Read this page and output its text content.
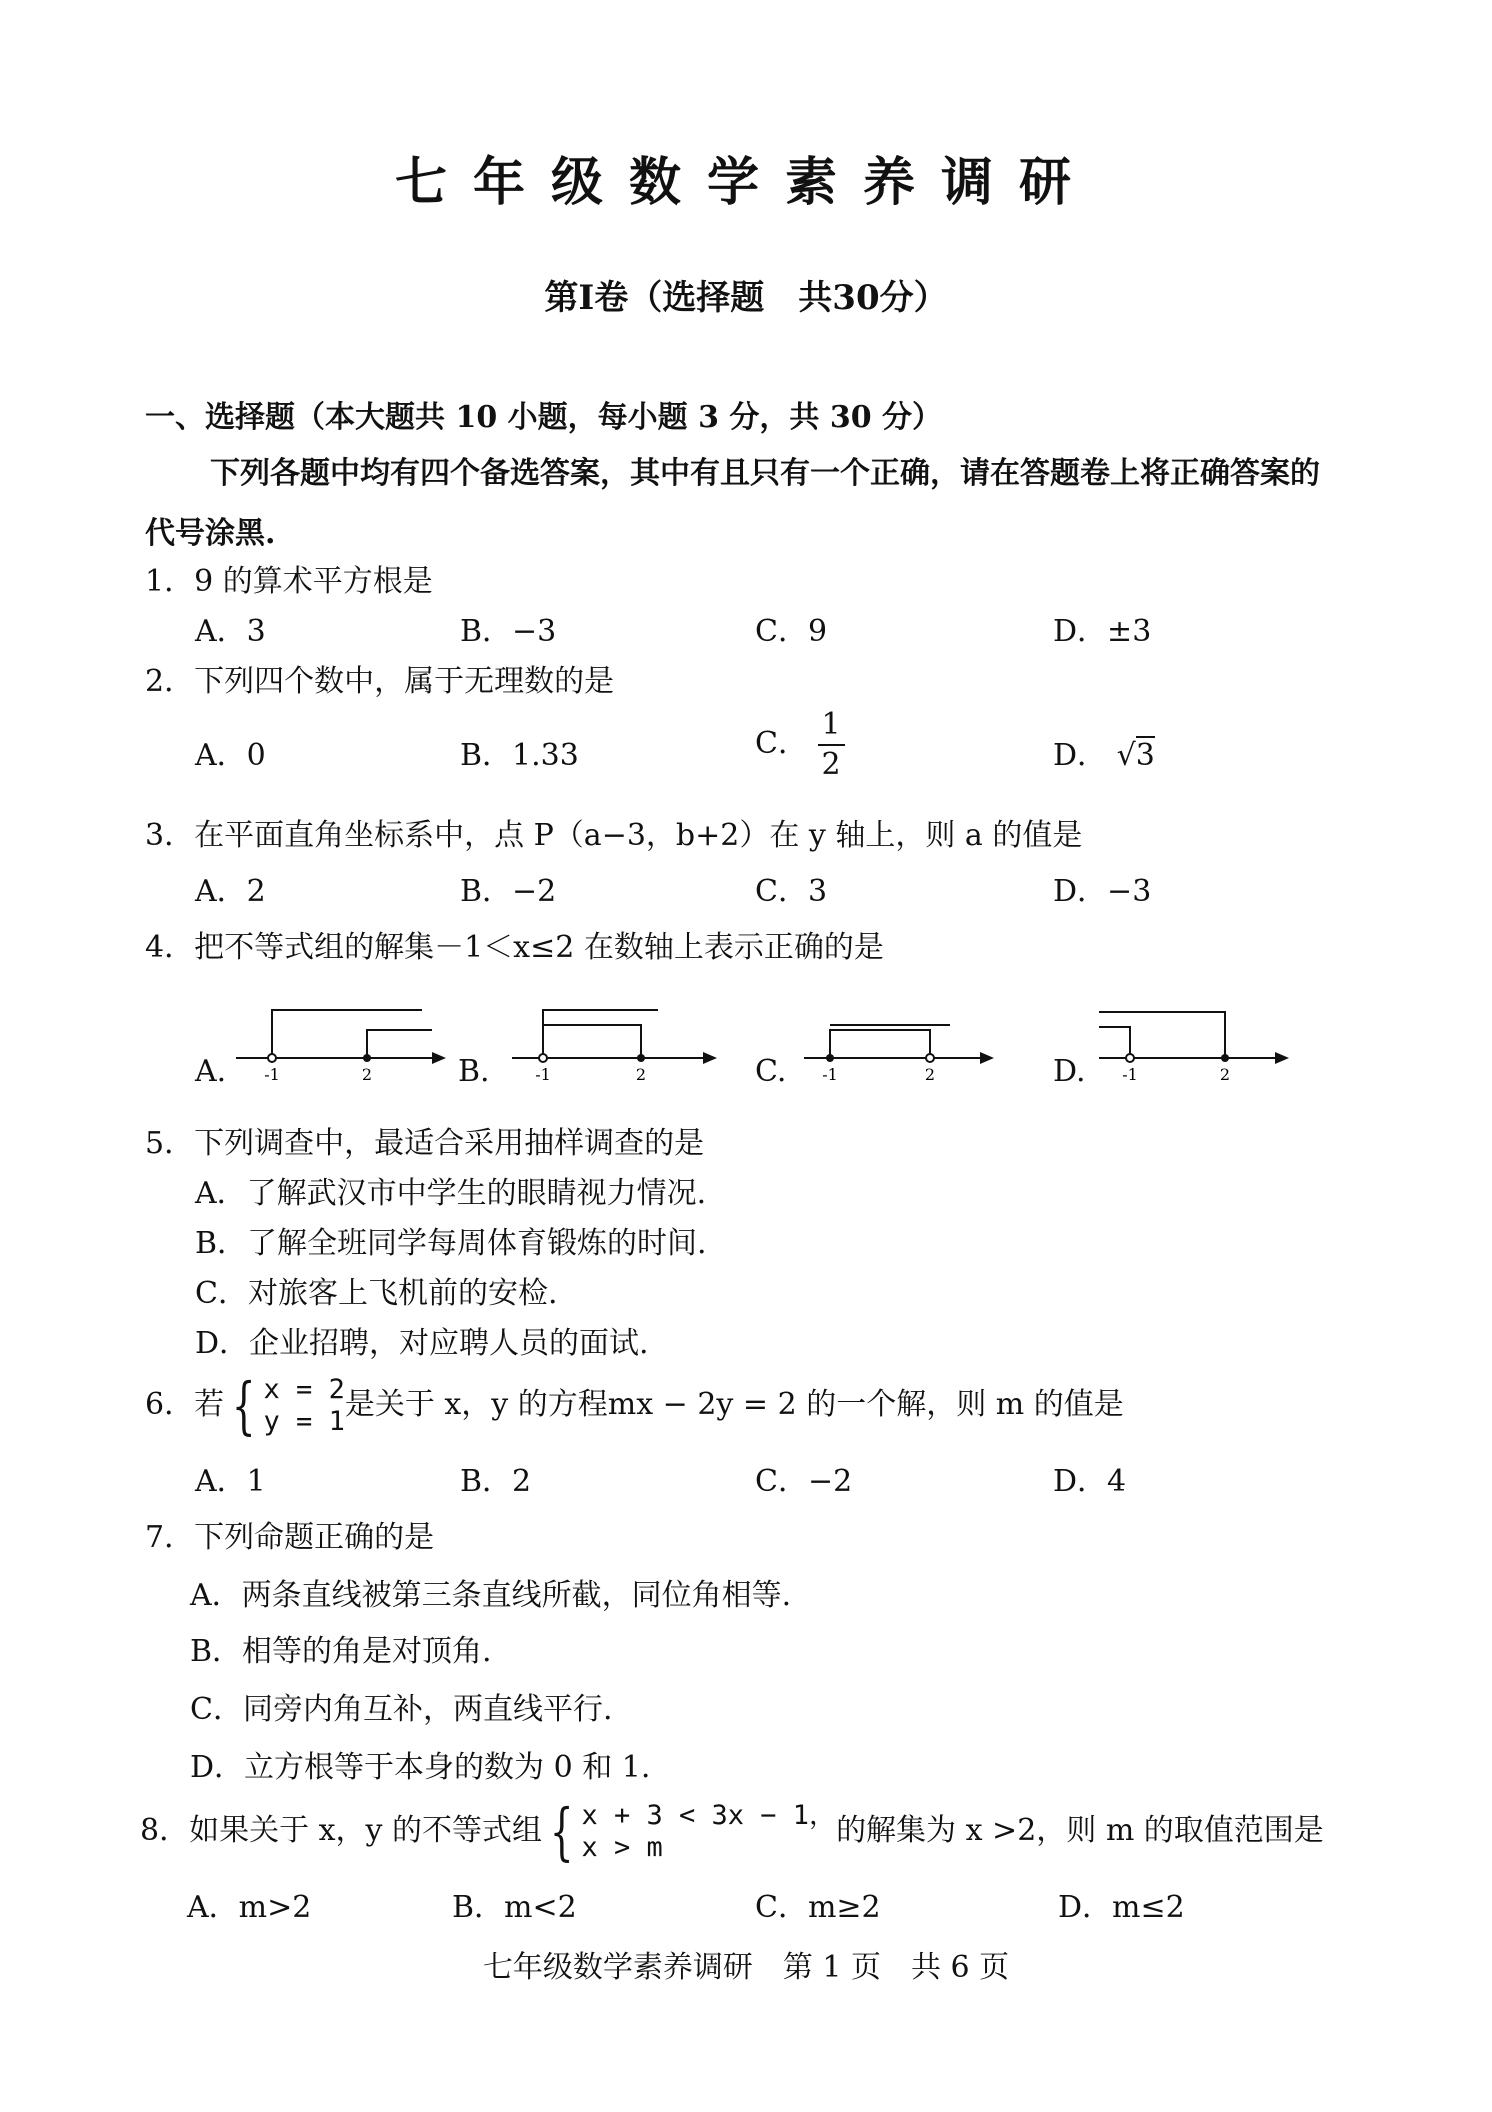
七年级数学素养调研
第Ⅰ卷（选择题　共30分）
一、选择题（本大题共 10 小题，每小题 3 分，共 30 分）
下列各题中均有四个备选答案，其中有且只有一个正确，请在答题卷上将正确答案的
代号涂黑.
1．9 的算术平方根是
A．3	B．−3	C．9	D．±3
2．下列四个数中，属于无理数的是
A．0	B．1.33	C． $\frac{1}{2}$	D． √3
3．在平面直角坐标系中，点 P（a−3，b+2）在 y 轴上，则 a 的值是
A．2	B．−2	C．3	D．−3
4．把不等式组的解集－1＜x≤2 在数轴上表示正确的是
A.	B.	C.	D.
-1	2	-1	2	-1	2	-1	2
5．下列调查中，最适合采用抽样调查的是
A．了解武汉市中学生的眼睛视力情况.
B．了解全班同学每周体育锻炼的时间.
C．对旅客上飞机前的安检.
D．企业招聘，对应聘人员的面试.
6．若 { x = 2
y = 1 是关于 x，y 的方程mx − 2y = 2 的一个解，则 m 的值是
A．1	B．2	C．−2	D．4
7．下列命题正确的是
A．两条直线被第三条直线所截，同位角相等.
B．相等的角是对顶角.
C．同旁内角互补，两直线平行.
D．立方根等于本身的数为 0 和 1.
8．如果关于 x，y 的不等式组 { x + 3 < 3x − 1，
x > m	的解集为 x >2，则 m 的取值范围是
A．m>2	B．m<2	C．m≥2	D．m≤2
七年级数学素养调研　第 1 页　共 6 页
